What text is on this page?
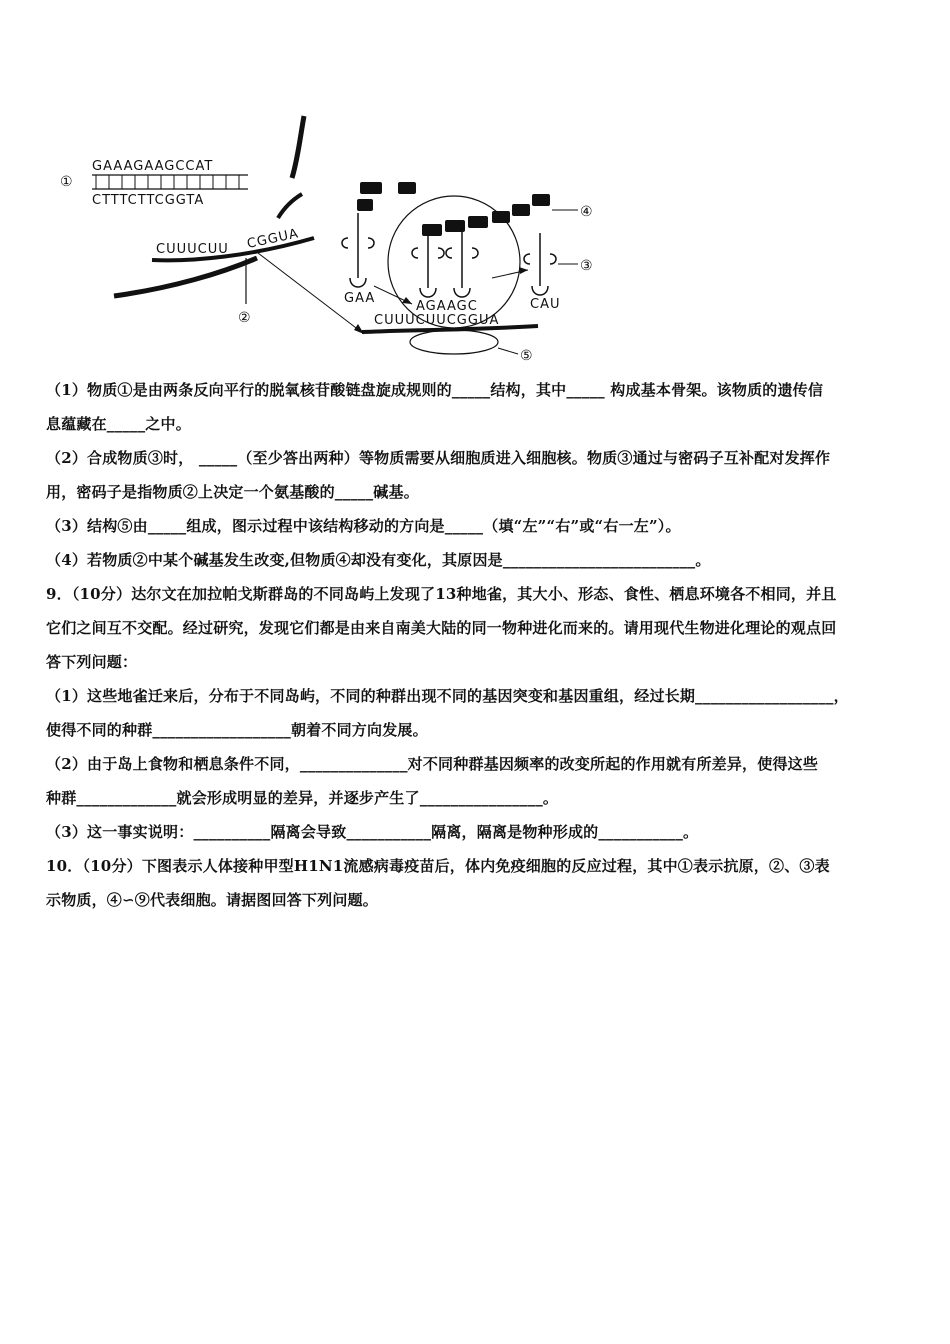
①
GAAAGAAGCCAT
CTTTCTTCGGTA
CUUUCUU CGGUA
②
④
③
GAA
AGAAGC	CAU
CUUUCUUCGGUA
⑤
（1）物质①是由两条反向平行的脱氧核苷酸链盘旋成规则的_____结构，其中_____ 构成基本骨架。该物质的遗传信
息蕴藏在_____之中。
（2）合成物质③时， _____（至少答出两种）等物质需要从细胞质进入细胞核。物质③通过与密码子互补配对发挥作
用，密码子是指物质②上决定一个氨基酸的_____碱基。
（3）结构⑤由_____组成，图示过程中该结构移动的方向是_____（填“左”“右”或“右一左”）。
（4）若物质②中某个碱基发生改变,但物质④却没有变化，其原因是_________________________。
9．（10分）达尔文在加拉帕戈斯群岛的不同岛屿上发现了13种地雀，其大小、形态、食性、栖息环境各不相同，并且
它们之间互不交配。经过研究，发现它们都是由来自南美大陆的同一物种进化而来的。请用现代生物进化理论的观点回
答下列问题：
（1）这些地雀迁来后，分布于不同岛屿，不同的种群出现不同的基因突变和基因重组，经过长期__________________，
使得不同的种群__________________朝着不同方向发展。
（2）由于岛上食物和栖息条件不同，______________对不同种群基因频率的改变所起的作用就有所差异，使得这些
种群_____________就会形成明显的差异，并逐步产生了________________。
（3）这一事实说明：__________隔离会导致___________隔离，隔离是物种形成的___________。
10．（10分）下图表示人体接种甲型H1N1流感病毒疫苗后，体内免疫细胞的反应过程，其中①表示抗原，②、③表
示物质，④∽⑨代表细胞。请据图回答下列问题。
